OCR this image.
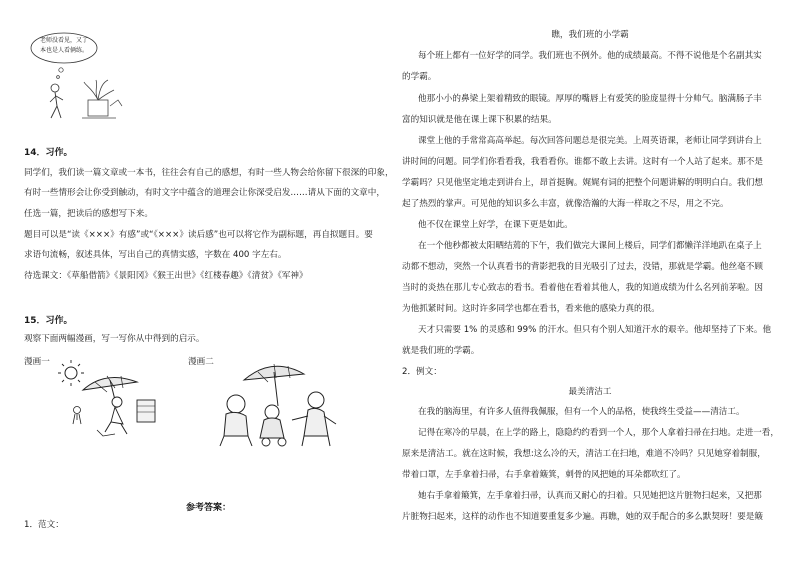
老师没看见，又了
本也是人看俩练。
14．习作。
同学们，我们读一篇文章或一本书，往往会有自己的感想，有时一些人物会给你留下很深的印象，
有时一些情形会让你受到触动，有时文字中蕴含的道理会让你深受启发……请从下面的文章中，
任选一篇，把读后的感想写下来。
题目可以是“读《×××》有感”或“《×××》读后感”也可以将它作为副标题，再自拟题目。要
求语句流畅，叙述具体，写出自己的真情实感，字数在 400 字左右。
待选课文：《草船借箭》《景阳冈》《猴王出世》《红楼春趣》《清贫》《军神》
15．习作。
观察下面两幅漫画，写一写你从中得到的启示。
漫画一	漫画二
参考答案：
1．范文：
瞧，我们班的小学霸
每个班上都有一位好学的同学。我们班也不例外。他的成绩最高。不得不说他是个名副其实
的学霸。
他那小小的鼻梁上架着精致的眼镜。厚厚的嘴唇上有爱笑的脸庞显得十分帅气。脑满肠子丰
富的知识就是他在课上课下积累的结果。
课堂上他的手常常高高举起。每次回答问题总是很完美。上周英语课，老师让同学到讲台上
讲时间的问题。同学们你看看我，我看看你。谁都不敢上去讲。这时有一个人站了起来。那不是
学霸吗？只见他坚定地走到讲台上，昂首挺胸。娓娓有词的把整个问题讲解的明明白白。我们想
起了热烈的掌声。可见他的知识多么丰富，就像浩瀚的大海一样取之不尽，用之不完。
他不仅在课堂上好学，在课下更是如此。
在一个他秒都被太阳晒结蔫的下午，我们做完大课间上楼后，同学们都懒洋洋地趴在桌子上
动都不想动，突然一个认真看书的背影把我的目光吸引了过去，没错，那就是学霸。他丝毫不顾
当时的炎热在那儿专心致志的看书。看着他在看着其他人，我的知道成绩为什么名列前茅啦。因
为他抓紧时间。这时许多同学也都在看书，看来他的感染力真的很。
天才只需要 1% 的灵感和 99% 的汗水。但只有个别人知道汗水的艰辛。他却坚持了下来。他
就是我们班的学霸。
2．例文：
最美清洁工
在我的脑海里，有许多人值得我佩服，但有一个人的品格，使我终生受益——清洁工。
记得在寒冷的早晨，在上学的路上，隐隐约约看到一个人，那个人拿着扫帚在扫地。走进一看，
原来是清洁工。就在这时候，我想:这么冷的天，清洁工在扫地，难道不冷吗？只见她穿着制服，
带着口罩，左手拿着扫帚，右手拿着簸箕，刺骨的风把她的耳朵都吹红了。
她右手拿着簸箕，左手拿着扫帚，认真而又耐心的扫着。只见她把这片脏物扫起来，又把那
片脏物扫起来，这样的动作也不知道要重复多少遍。再瞧，她的双手配合的多么默契呀！要是簸
